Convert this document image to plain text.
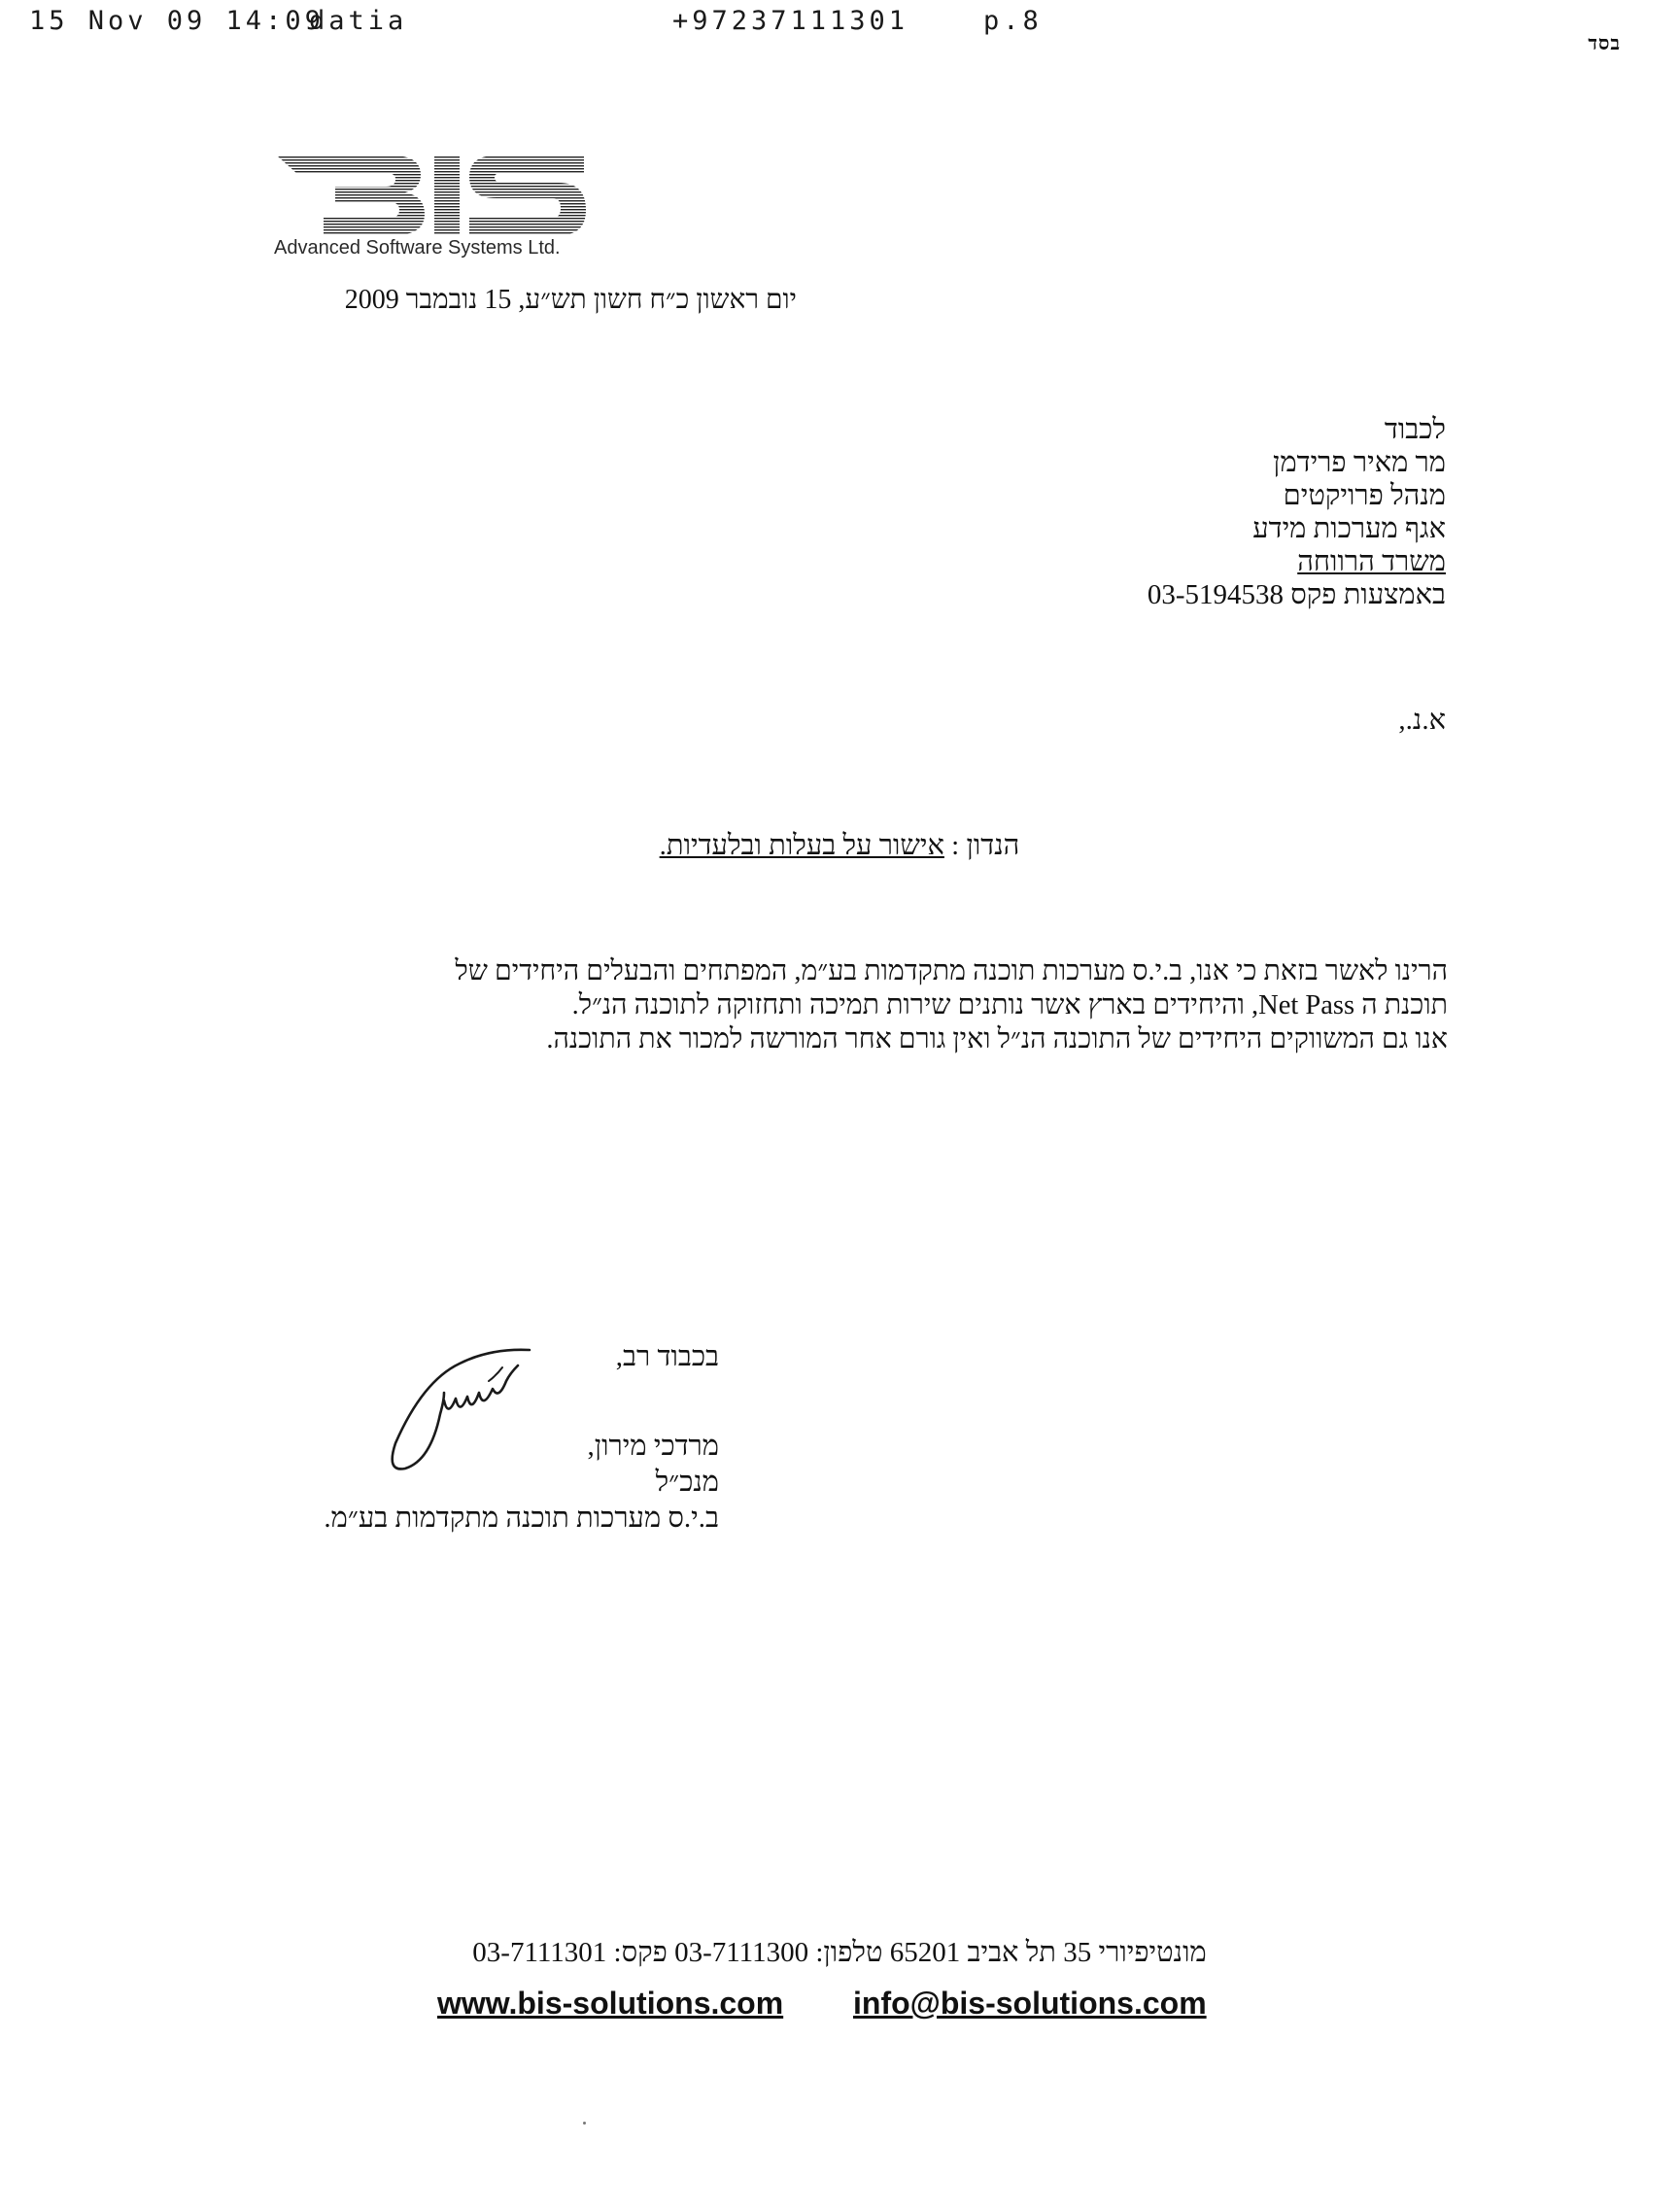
15 Nov 09 14:09
datia	+97237111301	p.8
בסד
BIS
Advanced Software Systems Ltd.
יום ראשון כ״ח חשון תש״ע, 15 נובמבר 2009
לכבוד
מר מאיר פרידמן
מנהל פרויקטים
אגף מערכות מידע
משרד הרווחה
באמצעות פקס 03-5194538
א.נ.,
הנדון : אישור על בעלות ובלעדיות.
הרינו לאשר בזאת כי אנו, ב.י.ס מערכות תוכנה מתקדמות בע״מ, המפתחים והבעלים היחידים של
תוכנת ה Net Pass, והיחידים בארץ אשר נותנים שירות תמיכה ותחזוקה לתוכנה הנ״ל.
אנו גם המשווקים היחידים של התוכנה הנ״ל ואין גורם אחר המורשה למכור את התוכנה.
בכבוד רב,
מרדכי מירון,
מנכ״ל
ב.י.ס מערכות תוכנה מתקדמות בע״מ.
מונטיפיורי 35 תל אביב 65201 טלפון: 03-7111300 פקס: 03-7111301
www.bis-solutions.com info@bis-solutions.com
